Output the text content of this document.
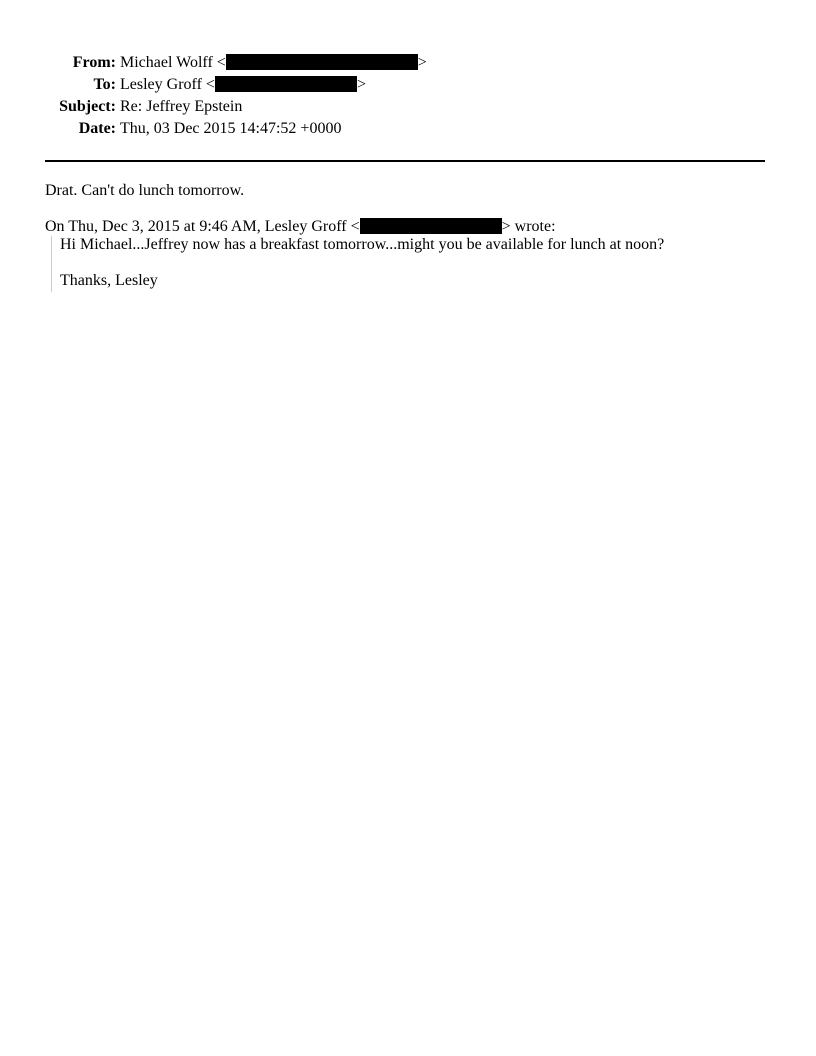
From: Michael Wolff <	>
To: Lesley Groff <	>
Subject: Re: Jeffrey Epstein
Date: Thu, 03 Dec 2015 14:47:52 +0000
Drat. Can't do lunch tomorrow.
On Thu, Dec 3, 2015 at 9:46 AM, Lesley Groff <	> wrote:
Hi Michael...Jeffrey now has a breakfast tomorrow...might you be available for lunch at noon?
Thanks, Lesley
